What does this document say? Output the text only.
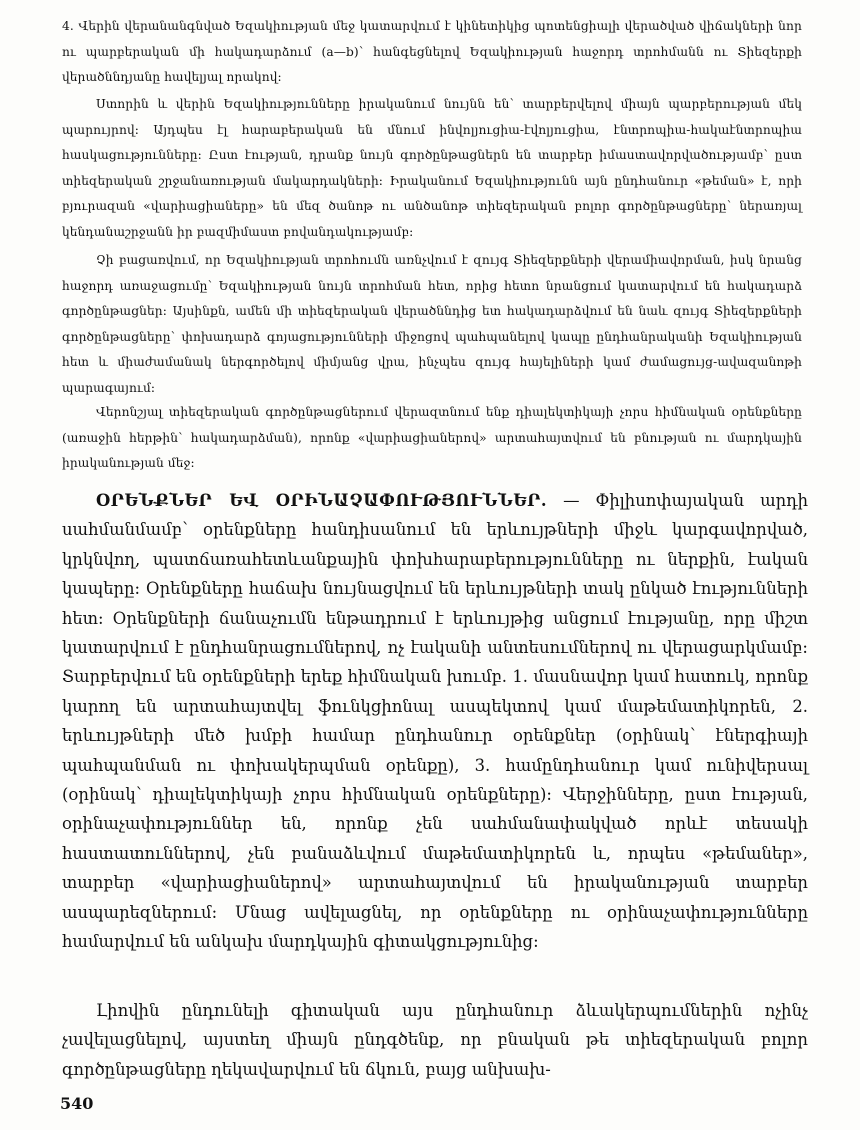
4. Վերին վերանանգնված Եզակիության մեջ կատարվում է կինետիկից պոտենցիալի վերածված վիճակների նոր ու պարբերական մի հակադարձում (a—b)՝ հանգեցնելով Եզակիության հաջորդ տրոհմանն ու Տիեզերքի վերածննդյանը հավելյալ որակով։

Ստորին և վերին Եզակիությունները իրականում նույնն են՝ տարբերվելով միայն պարբերության մեկ պարույրով։ Այդպես էլ հարաբերական են մնում ինվոլյուցիա-էվոլյուցիա, էնտրոպիա-հակաէնտրոպիա հասկացությունները։ Ըստ էության, դրանք նույն գործընթացներն են տարբեր իմաստավորվածությամբ՝ ըստ տիեզերական շրջանառության մակարդակների։ Իրականում Եզակիությունն այն ընդհանուր «թեման» է, որի բյուրազան «վարիացիաները» են մեզ ծանոթ ու անծանոթ տիեզերական բոլոր գործընթացները՝ ներառյալ կենդանաշրջանն իր բազմիմաստ բովանդակությամբ։

Չի բացառվում, որ Եզակիության տրոհումն առնչվում է զույգ Տիեզերքների վերամիավորման, իսկ նրանց հաջորդ առաջացումը՝ Եզակիության նույն տրոհման հետ, որից հետո նրանցում կատարվում են հակադարձ գործընթացներ։ Այսինքն, ամեն մի տիեզերական վերածննդից ետ հակադարձվում են նաև զույգ Տիեզերքների գործընթացները՝ փոխադարձ գոյացությունների միջոցով պահպանելով կապը ընդհանրականի Եզակիության հետ և միաժամանակ ներգործելով միմյանց վրա, ինչպես զույգ հայելիների կամ ժամացույց-ավազանոթի պարագայում։

Վերոնշյալ տիեզերական գործընթացներում վերազտնում ենք դիալեկտիկայի չորս հիմնական օրենքները (առաջին հերթին՝ հակադարձման), որոնք «վարիացիաներով» արտահայտվում են բնության ու մարդկային իրականության մեջ։

ՕՐԵՆՔՆԵՐ ԵՎ ՕՐԻՆԱՉԱՓՈՒԹՅՈՒՆՆԵՐ. — Փիլիսոփայական արդի սահմանմամբ՝ օրենքները հանդիսանում են երևույթների միջև կարգավորված, կրկնվող, պատճառահետևանքային փոխհարաբերությունները ու ներքին, էական կապերը։ Օրենքները հաճախ նույնացվում են երևույթների տակ ընկած էությունների հետ։ Օրենքների ճանաչումն ենթադրում է երևույթից անցում էությանը, որը միշտ կատարվում է ընդհանրացումներով, ոչ էականի անտեսումներով ու վերացարկմամբ։ Տարբերվում են օրենքների երեք հիմնական խումբ. 1. մասնավոր կամ հատուկ, որոնք կարող են արտահայտվել ֆունկցիոնալ ասպեկտով կամ մաթեմատիկորեն, 2. երևույթների մեծ խմբի համար ընդհանուր օրենքներ (օրինակ՝ էներգիայի պահպանման ու փոխակերպման օրենքը), 3. համընդհանուր կամ ունիվերսալ (օրինակ՝ դիալեկտիկայի չորս հիմնական օրենքները)։ Վերջինները, ըստ էության, օրինաչափություններ են, որոնք չեն սահմանափակված որևէ տեսակի հաստատուններով, չեն բանաձևվում մաթեմատիկորեն և, որպես «թեմաներ», տարբեր «վարիացիաներով» արտահայտվում են իրականության տարբեր ասպարեզներում։ Մնաց ավելացնել, որ օրենքները ու օրինաչափությունները համարվում են անկախ մարդկային գիտակցությունից։

Լիովին ընդունելի գիտական այս ընդհանուր ձևակերպումներին ոչինչ չավելացնելով, այստեղ միայն ընդգծենք, որ բնական թե տիեզերական բոլոր գործընթացները ղեկավարվում են ճկուն, բայց անխախ-

540
